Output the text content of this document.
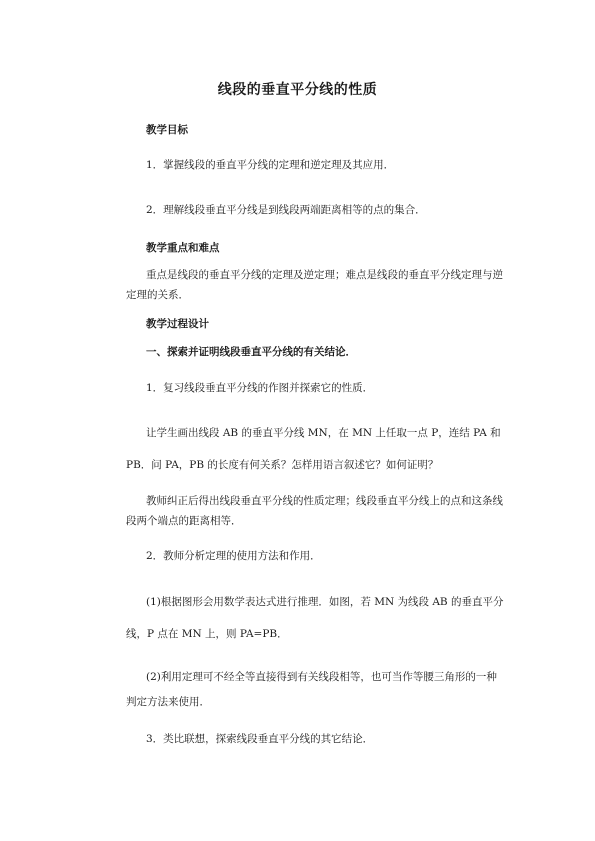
线段的垂直平分线的性质
教学目标
1．掌握线段的垂直平分线的定理和逆定理及其应用．
2．理解线段垂直平分线是到线段两端距离相等的点的集合．
教学重点和难点
重点是线段的垂直平分线的定理及逆定理；难点是线段的垂直平分线定理与逆定理的关系．
教学过程设计
一、探索并证明线段垂直平分线的有关结论．
1．复习线段垂直平分线的作图并探索它的性质．
让学生画出线段 AB 的垂直平分线 MN，在 MN 上任取一点 P，连结 PA 和
PB．问 PA，PB 的长度有何关系？怎样用语言叙述它？如何证明？
教师纠正后得出线段垂直平分线的性质定理；线段垂直平分线上的点和这条线段两个端点的距离相等．
2．教师分析定理的使用方法和作用．
(1)根据图形会用数学表达式进行推理．如图，若 MN 为线段 AB 的垂直平分
线，P 点在 MN 上，则 PA=PB．
(2)利用定理可不经全等直接得到有关线段相等，也可当作等腰三角形的一种
判定方法来使用．
3．类比联想，探索线段垂直平分线的其它结论．
